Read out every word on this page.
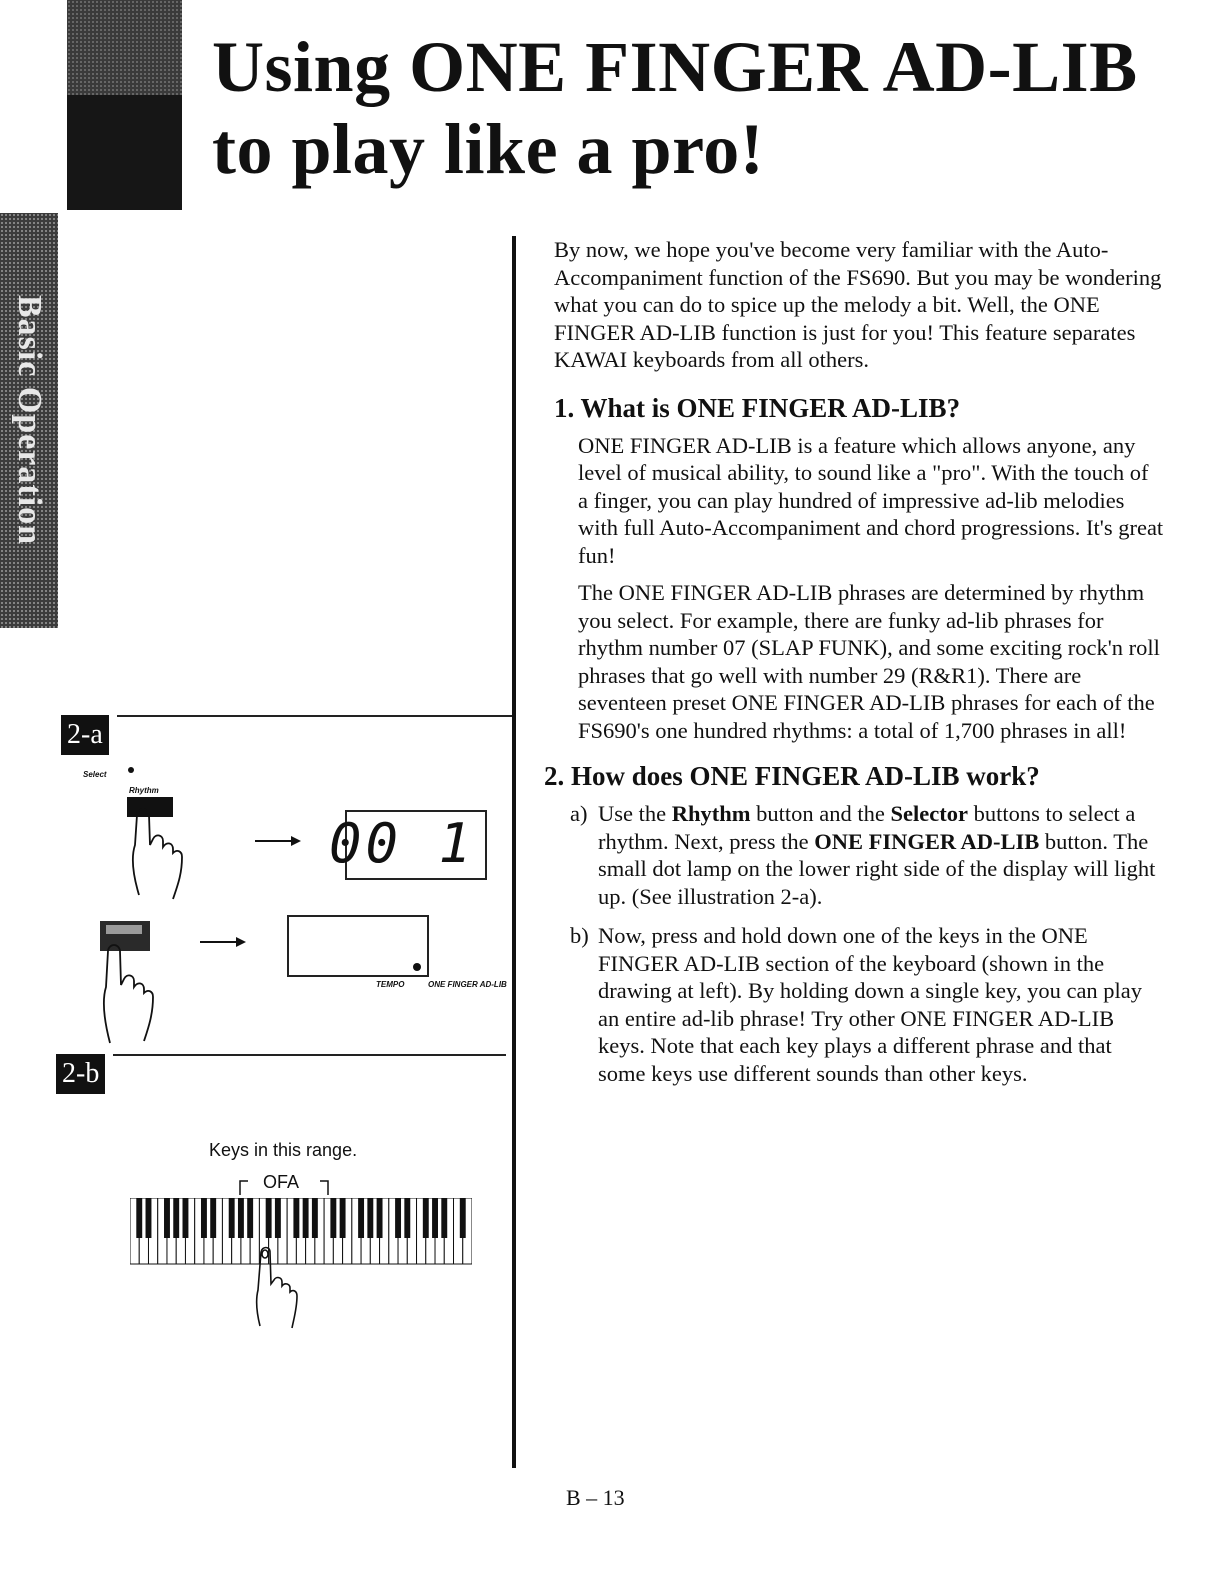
Using ONE FINGER AD-LIB
to play like a pro!
Basic Operation
2-a
Select
Rhythm
00 1
TEMPO	ONE FINGER AD-LIB
2-b
Keys in this range.
OFA

By now, we hope you've become very familiar with the Auto-Accompaniment function of the FS690. But you may be wondering what you can do to spice up the melody a bit. Well, the ONE FINGER AD-LIB function is just for you! This feature separates KAWAI keyboards from all others.

1. What is ONE FINGER AD-LIB?

ONE FINGER AD-LIB is a feature which allows anyone, any level of musical ability, to sound like a "pro". With the touch of a finger, you can play hundred of impressive ad-lib melodies with full Auto-Accompaniment and chord progressions. It's great fun!

The ONE FINGER AD-LIB phrases are determined by rhythm you select. For example, there are funky ad-lib phrases for rhythm number 07 (SLAP FUNK), and some exciting rock'n roll phrases that go well with number 29 (R&R1). There are seventeen preset ONE FINGER AD-LIB phrases for each of the FS690's one hundred rhythms: a total of 1,700 phrases in all!

2. How does ONE FINGER AD-LIB work?
a) Use the Rhythm button and the Selector buttons to select a rhythm. Next, press the ONE FINGER AD-LIB button. The small dot lamp on the lower right side of the display will light up. (See illustration 2-a).

b) Now, press and hold down one of the keys in the ONE FINGER AD-LIB section of the keyboard (shown in the drawing at left). By holding down a single key, you can play an entire ad-lib phrase! Try other ONE FINGER AD-LIB keys. Note that each key plays a different phrase and that some keys use different sounds than other keys.

B – 13
